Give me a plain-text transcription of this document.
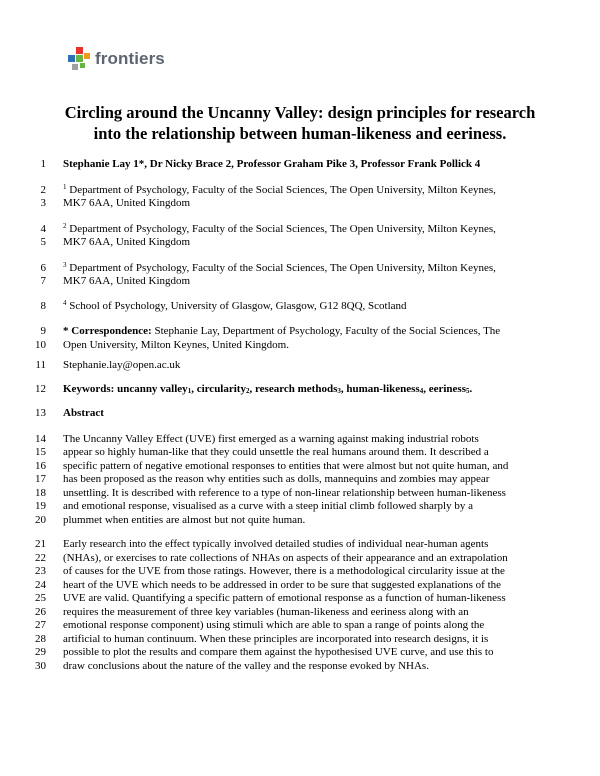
frontiers
Circling around the Uncanny Valley: design principles for research
into the relationship between human-likeness and eeriness.
1
2
3
4
5
6
7
8
9
10
11
12
13
14
15
16
17
18
19
20
21
22
23
24
25
26
27
28
29
30
Stephanie Lay 1*, Dr Nicky Brace 2, Professor Graham Pike 3, Professor Frank Pollick 4
$^1$ Department of Psychology, Faculty of the Social Sciences, The Open University, Milton Keynes,
MK7 6AA, United Kingdom
$^2$ Department of Psychology, Faculty of the Social Sciences, The Open University, Milton Keynes,
MK7 6AA, United Kingdom
$^3$ Department of Psychology, Faculty of the Social Sciences, The Open University, Milton Keynes,
MK7 6AA, United Kingdom
$^4$ School of Psychology, University of Glasgow, Glasgow, G12 8QQ, Scotland
* Correspondence: Stephanie Lay, Department of Psychology, Faculty of the Social Sciences, The
Open University, Milton Keynes, United Kingdom.
Stephanie.lay@open.ac.uk
Keywords: uncanny valley$_1$, circularity$_2$, research methods$_3$, human-likeness$_4$, eeriness$_5$.
Abstract
The Uncanny Valley Effect (UVE) first emerged as a warning against making industrial robots
appear so highly human-like that they could unsettle the real humans around them. It described a
specific pattern of negative emotional responses to entities that were almost but not quite human, and
has been proposed as the reason why entities such as dolls, mannequins and zombies may appear
unsettling. It is described with reference to a type of non-linear relationship between human-likeness
and emotional response, visualised as a curve with a steep initial climb followed sharply by a
plummet when entities are almost but not quite human.
Early research into the effect typically involved detailed studies of individual near-human agents
(NHAs), or exercises to rate collections of NHAs on aspects of their appearance and an extrapolation
of causes for the UVE from those ratings. However, there is a methodological circularity issue at the
heart of the UVE which needs to be addressed in order to be sure that suggested explanations of the
UVE are valid. Quantifying a specific pattern of emotional response as a function of human-likeness
requires the measurement of three key variables (human-likeness and eeriness along with an
emotional response component) using stimuli which are able to span a range of points along the
artificial to human continuum. When these principles are incorporated into research designs, it is
possible to plot the results and compare them against the hypothesised UVE curve, and use this to
draw conclusions about the nature of the valley and the response evoked by NHAs.
